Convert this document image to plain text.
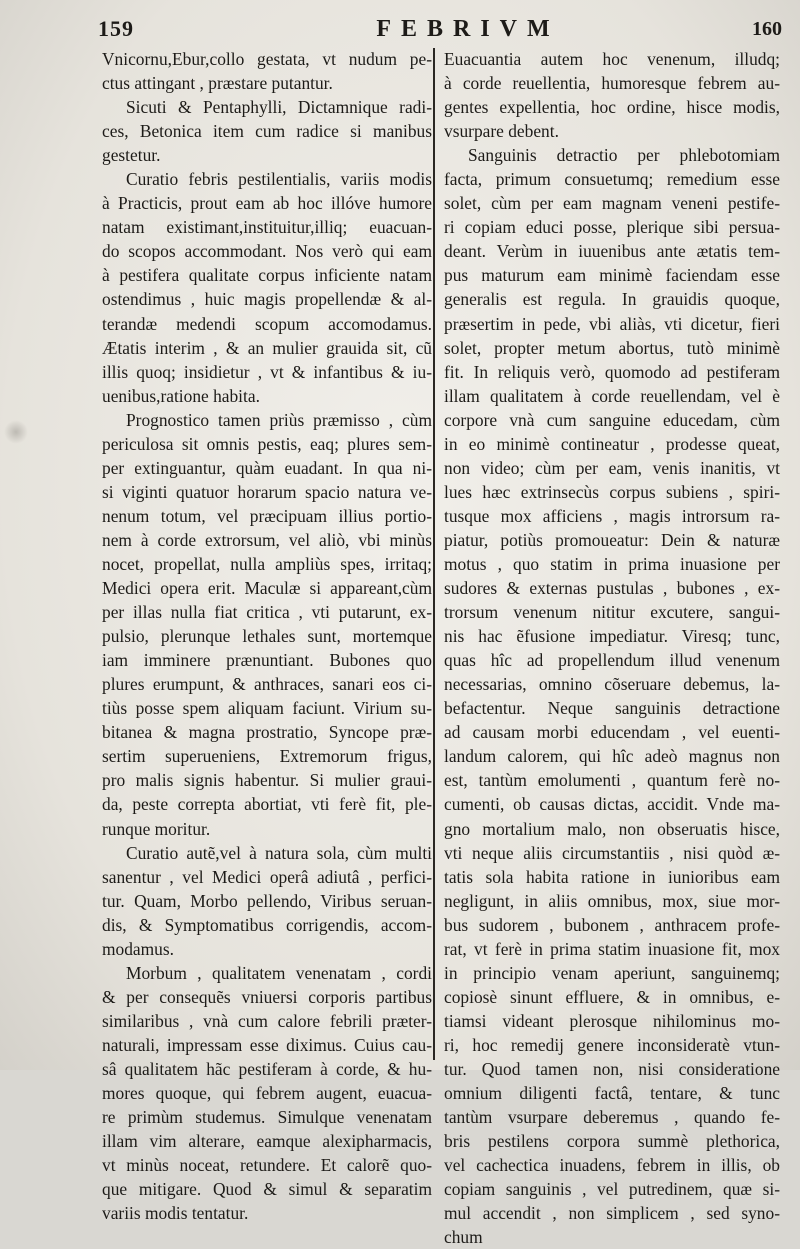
159	FEBRIVM	160
Vnicornu,Ebur,collo gestata, vt nudum pe-
ctus attingant , præstare putantur.
Sicuti & Pentaphylli, Dictamnique radi-
ces, Betonica item cum radice si manibus
gestetur.
Curatio febris pestilentialis, variis modis
à Practicis, prout eam ab hoc illóve humore
natam existimant,instituitur,illiq; euacuan-
do scopos accommodant. Nos verò qui eam
à pestifera qualitate corpus inficiente natam
ostendimus , huic magis propellendæ & al-
terandæ medendi scopum accomodamus.
Ætatis interim , & an mulier grauida sit, cũ
illis quoq; insidietur , vt & infantibus & iu-
uenibus,ratione habita.
Prognostico tamen priùs præmisso , cùm
periculosa sit omnis pestis, eaq; plures sem-
per extinguantur, quàm euadant. In qua ni-
si viginti quatuor horarum spacio natura ve-
nenum totum, vel præcipuam illius portio-
nem à corde extrorsum, vel aliò, vbi minùs
nocet, propellat, nulla ampliùs spes, irritaq;
Medici opera erit. Maculæ si appareant,cùm
per illas nulla fiat critica , vti putarunt, ex-
pulsio, plerunque lethales sunt, mortemque
iam imminere prænuntiant. Bubones quo
plures erumpunt, & anthraces, sanari eos ci-
tiùs posse spem aliquam faciunt. Virium su-
bitanea & magna prostratio, Syncope præ-
sertim superueniens, Extremorum frigus,
pro malis signis habentur. Si mulier graui-
da, peste correpta abortiat, vti ferè fit, ple-
runque moritur.
Curatio autẽ,vel à natura sola, cùm multi
sanentur , vel Medici operâ adiutâ , perfici-
tur. Quam, Morbo pellendo, Viribus seruan-
dis, & Symptomatibus corrigendis, accom-
modamus.
Morbum , qualitatem venenatam , cordi
& per consequẽs vniuersi corporis partibus
similaribus , vnà cum calore febrili præter-
naturali, impressam esse diximus. Cuius cau-
sâ qualitatem hãc pestiferam à corde, & hu-
mores quoque, qui febrem augent, euacua-
re primùm studemus. Simulque venenatam
illam vim alterare, eamque alexipharmacis,
vt minùs noceat, retundere. Et calorẽ quo-
que mitigare. Quod & simul & separatim
variis modis tentatur.
Euacuantia autem hoc venenum, illudq;
à corde reuellentia, humoresque febrem au-
gentes expellentia, hoc ordine, hisce modis,
vsurpare debent.
Sanguinis detractio per phlebotomiam
facta, primum consuetumq; remedium esse
solet, cùm per eam magnam veneni pestife-
ri copiam educi posse, plerique sibi persua-
deant. Verùm in iuuenibus ante ætatis tem-
pus maturum eam minimè faciendam esse
generalis est regula. In grauidis quoque,
præsertim in pede, vbi aliàs, vti dicetur, fieri
solet, propter metum abortus, tutò minimè
fit. In reliquis verò, quomodo ad pestiferam
illam qualitatem à corde reuellendam, vel è
corpore vnà cum sanguine educedam, cùm
in eo minimè contineatur , prodesse queat,
non video; cùm per eam, venis inanitis, vt
lues hæc extrinsecùs corpus subiens , spiri-
tusque mox afficiens , magis introrsum ra-
piatur, potiùs promoueatur: Dein & naturæ
motus , quo statim in prima inuasione per
sudores & externas pustulas , bubones , ex-
trorsum venenum nititur excutere, sangui-
nis hac ẽfusione impediatur. Viresq; tunc,
quas hîc ad propellendum illud venenum
necessarias, omnino cõseruare debemus, la-
befactentur. Neque sanguinis detractione
ad causam morbi educendam , vel euenti-
landum calorem, qui hîc adeò magnus non
est, tantùm emolumenti , quantum ferè no-
cumenti, ob causas dictas, accidit. Vnde ma-
gno mortalium malo, non obseruatis hisce,
vti neque aliis circumstantiis , nisi quòd æ-
tatis sola habita ratione in iunioribus eam
negligunt, in aliis omnibus, mox, siue mor-
bus sudorem , bubonem , anthracem profe-
rat, vt ferè in prima statim inuasione fit, mox
in principio venam aperiunt, sanguinemq;
copiosè sinunt effluere, & in omnibus, e-
tiamsi videant plerosque nihilominus mo-
ri, hoc remedij genere inconsideratè vtun-
tur. Quod tamen non, nisi consideratione
omnium diligenti factâ, tentare, & tunc
tantùm vsurpare deberemus , quando fe-
bris pestilens corpora summè plethorica,
vel cachectica inuadens, febrem in illis, ob
copiam sanguinis , vel putredinem, quæ si-
mul accendit , non simplicem , sed syno-
chum
